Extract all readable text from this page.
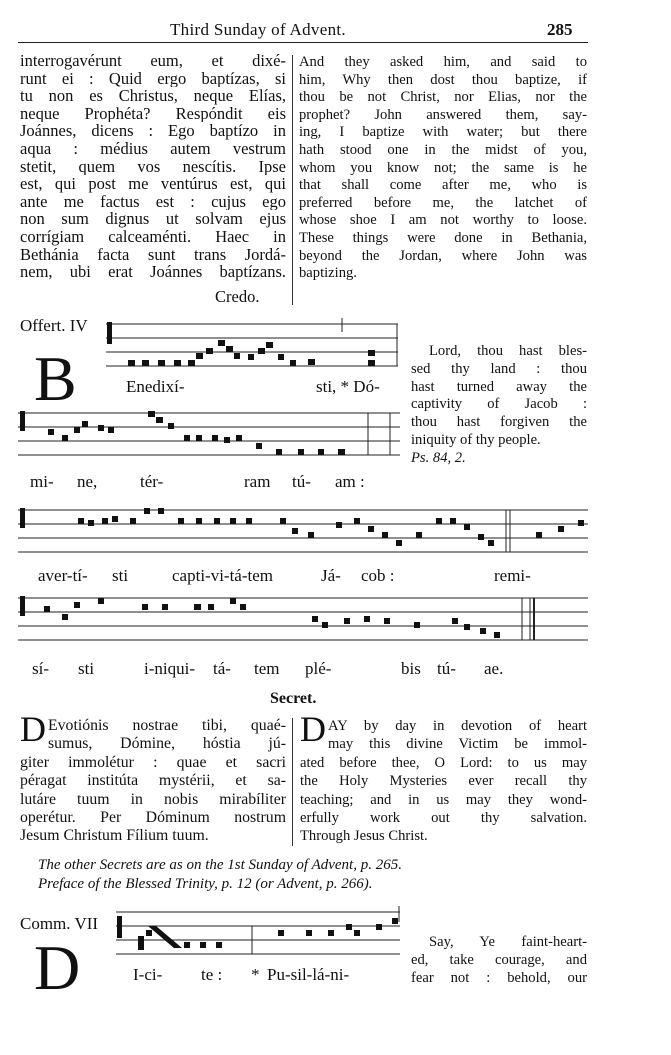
Third Sunday of Advent.	285
interrogavérunt eum, et dixé-
runt ei : Quid ergo baptízas, si
tu non es Christus, neque Elías,
neque Prophéta? Respóndit eis
Joánnes, dicens : Ego baptízo in
aqua : médius autem vestrum
stetit, quem vos nescítis. Ipse
est, qui post me ventúrus est, qui
ante me factus est : cujus ego
non sum dignus ut solvam ejus
corrígiam calceaménti. Haec in
Bethánia facta sunt trans Jordá-
nem, ubi erat Joánnes baptízans.
Credo.
And they asked him, and said to
him, Why then dost thou baptize, if
thou be not Christ, nor Elias, nor the
prophet? John answered them, say-
ing, I baptize with water; but there
hath stood one in the midst of you,
whom you know not; the same is he
that shall come after me, who is
preferred before me, the latchet of
whose shoe I am not worthy to loose.
These things were done in Bethania,
beyond the Jordan, where John was
baptizing.
Offert. IV
B	Enedixí-	sti, * Dó-
mi- ne,	tér-	ram tú- am :
Lord, thou hast bles-
sed thy land : thou
hast turned away the
captivity of Jacob :
thou hast forgiven the
iniquity of thy people.
Ps. 84, 2.
aver-tí- sti	capti-vi-tá-tem	Já- cob :	remi-
sí- sti	i-niqui- tá- tem plé-	bis tú- ae.
Secret.
D Evotiónis nostrae tibi, quaé-
sumus, Dómine, hóstia jú-
giter immolétur : quae et sacri
péragat institúta mystérii, et sa-
lutáre tuum in nobis mirabíliter
operétur. Per Dóminum nostrum
Jesum Christum Fílium tuum.
D AY by day in devotion of heart
may this divine Victim be immol-
ated before thee, O Lord: to us may
the Holy Mysteries ever recall thy
teaching; and in us may they wond-
erfully work out thy salvation.
Through Jesus Christ.
The other Secrets are as on the 1st Sunday of Advent, p. 265.
Preface of the Blessed Trinity, p. 12 (or Advent, p. 266).
Comm. VII
D	I-ci- te : * Pu-sil-lá-ni-
Say, Ye faint-heart-
ed, take courage, and
fear not : behold, our
